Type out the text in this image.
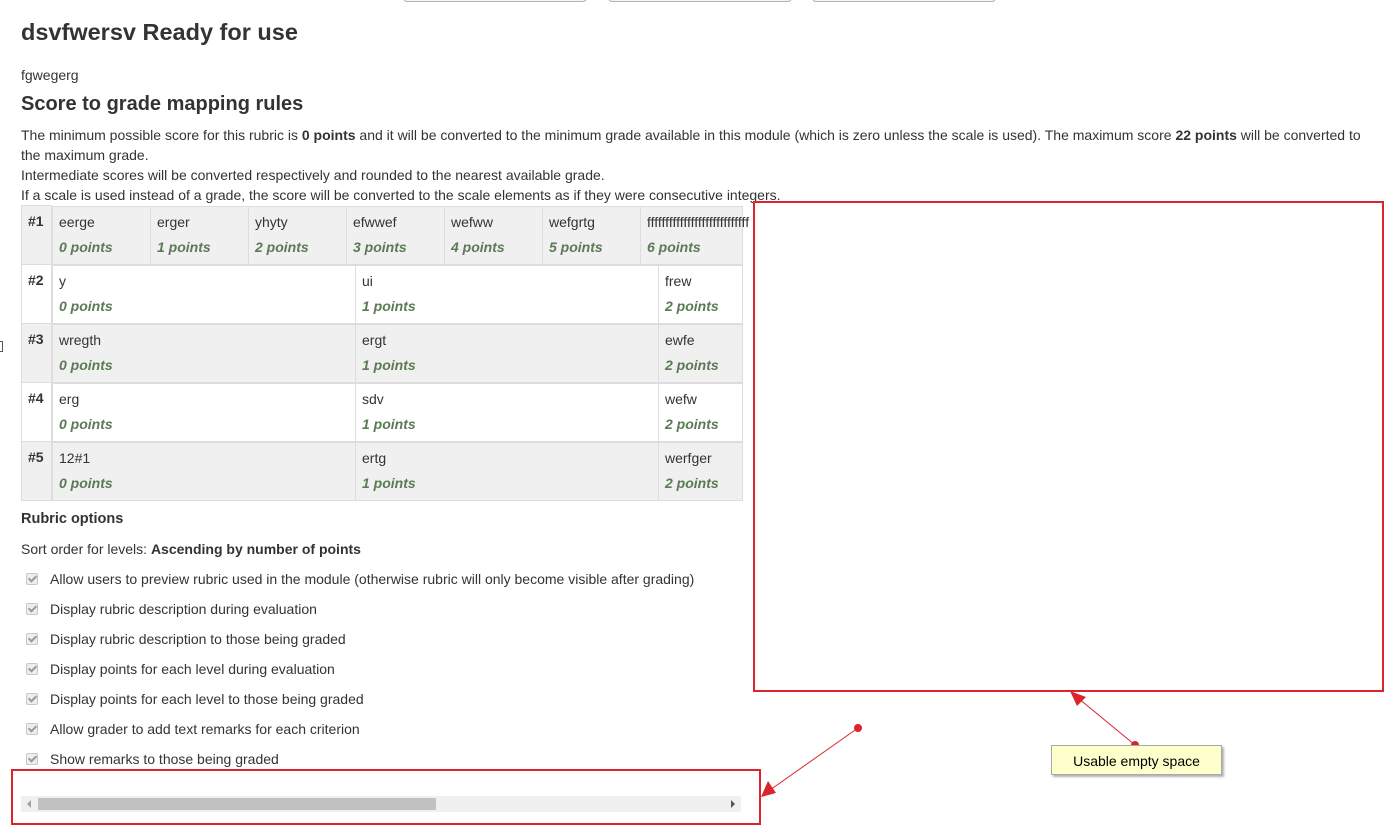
dsvfwersv Ready for use
fgwegerg
Score to grade mapping rules

The minimum possible score for this rubric is 0 points and it will be converted to the minimum grade available in this module (which is zero unless the scale is used). The maximum score 22 points will be converted to the maximum grade.

Intermediate scores will be converted respectively and rounded to the nearest available grade.

If a scale is used instead of a grade, the score will be converted to the scale elements as if they were consecutive integers.

#1	eerge
0 points

erger
1 points

yhyty
2 points

efwwef
3 points

wefww
4 points

wefgrtg
5 points

ffffffffffffffffffffffffffff
6 points

#2	y
0 points

ui
1 points

frew
2 points

#3	wregth
0 points

ergt
1 points

ewfe
2 points

#4	erg
0 points

sdv
1 points

wefw
2 points

#5	12#1
0 points

ertg
1 points

werfger
2 points
Rubric options
Sort order for levels: Ascending by number of points
Allow users to preview rubric used in the module (otherwise rubric will only become visible after grading)
Display rubric description during evaluation
Display rubric description to those being graded
Display points for each level during evaluation
Display points for each level to those being graded
Allow grader to add text remarks for each criterion
Show remarks to those being graded	Usable empty space
